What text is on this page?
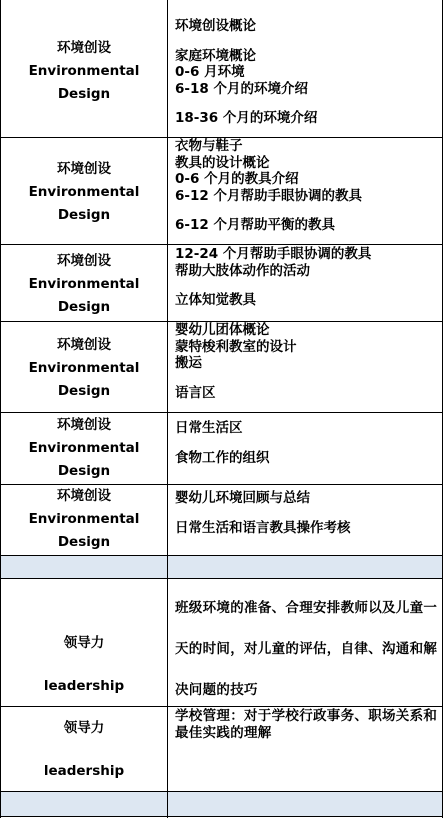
环境创设
Environmental
Design
环境创设概论
家庭环境概论
0-6 月环境
6-18 个月的环境介绍
18-36 个月的环境介绍
环境创设
Environmental
Design
衣物与鞋子
教具的设计概论
0-6 个月的教具介绍
6-12 个月帮助手眼协调的教具
6-12 个月帮助平衡的教具
环境创设
Environmental
Design
12-24 个月帮助手眼协调的教具
帮助大肢体动作的活动
立体知觉教具
环境创设
Environmental
Design
婴幼儿团体概论
蒙特梭利教室的设计
搬运
语言区
环境创设
Environmental
Design
日常生活区
食物工作的组织
环境创设
Environmental
Design
婴幼儿环境回顾与总结
日常生活和语言教具操作考核
领导力
leadership
班级环境的准备、合理安排教师以及儿童一
天的时间，对儿童的评估，自律、沟通和解
决问题的技巧
领导力
leadership
学校管理：对于学校行政事务、职场关系和
最佳实践的理解
